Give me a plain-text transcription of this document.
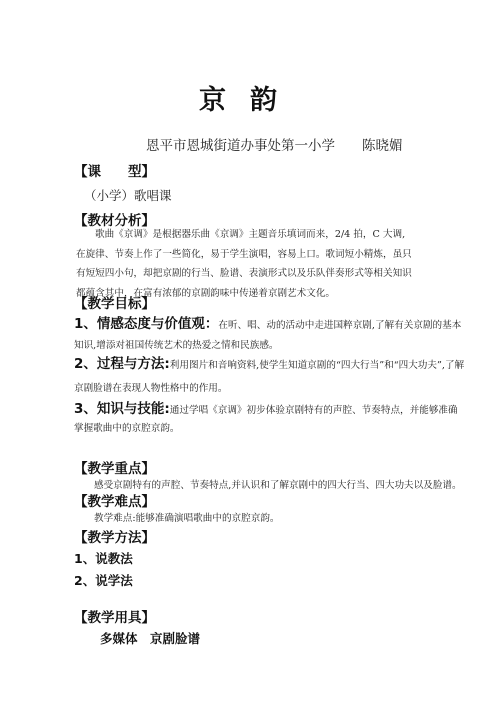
京韵
恩平市恩城街道办事处第一小学　　陈晓媚
【课　　型】
（小学）歌唱课
【教材分析】
歌曲《京调》是根据器乐曲《京调》主题音乐填词而来，2/4 拍，C 大调,在旋律、节奏上作了一些简化，易于学生演唱，容易上口。歌词短小精炼，虽只有短短四小句，却把京剧的行当、脸谱、表演形式以及乐队伴奏形式等相关知识都蕴含其中，在富有浓郁的京剧韵味中传递着京剧艺术文化。
【教学目标】
1、情感态度与价值观：在听、唱、动的活动中走进国粹京剧,了解有关京剧的基本
知识,增添对祖国传统艺术的热爱之情和民族感。
2、过程与方法:利用图片和音响资料,使学生知道京剧的“四大行当”和“四大功夫”,了解
京剧脸谱在表现人物性格中的作用。
3、知识与技能:通过学唱《京调》初步体验京剧特有的声腔、节奏特点，并能够准确
掌握歌曲中的京腔京韵。
【教学重点】
感受京剧特有的声腔、节奏特点,并认识和了解京剧中的四大行当、四大功夫以及脸谱。
【教学难点】
教学难点:能够准确演唱歌曲中的京腔京韵。
【教学方法】
1、说教法
2、说学法
【教学用具】
多媒体　京剧脸谱
